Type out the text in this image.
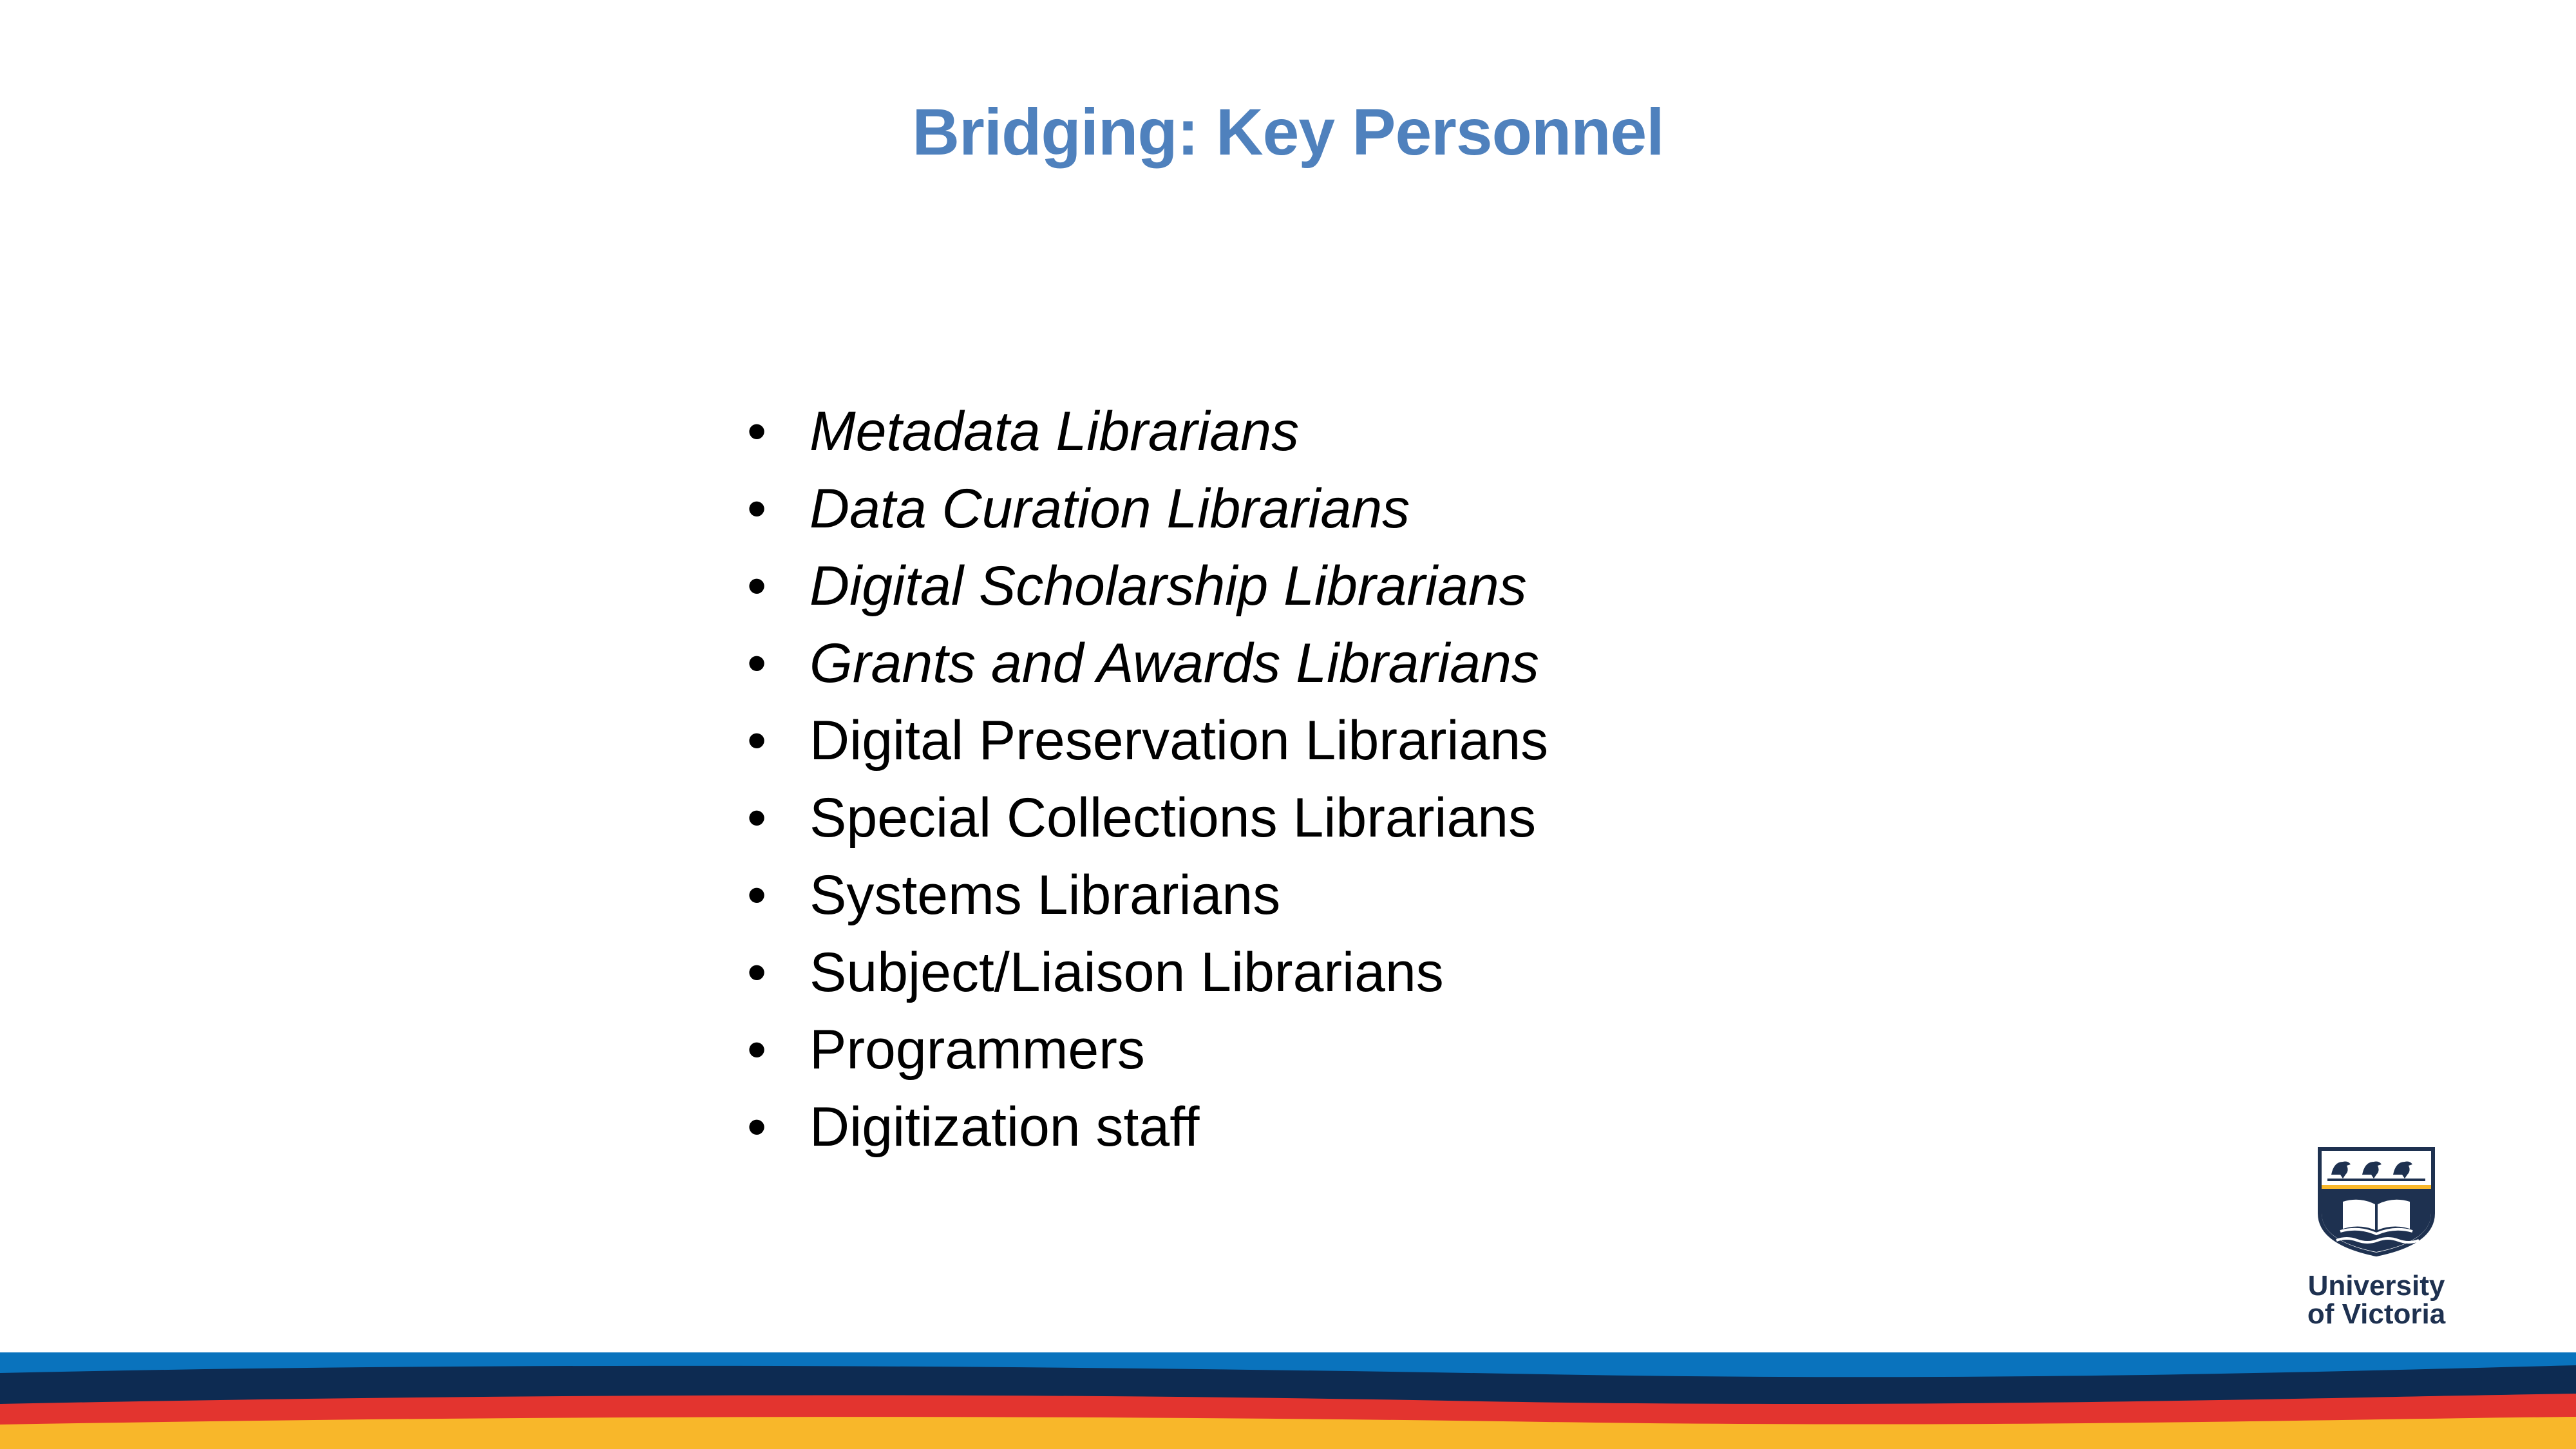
Bridging: Key Personnel
• Metadata Librarians
• Data Curation Librarians
• Digital Scholarship Librarians
• Grants and Awards Librarians
• Digital Preservation Librarians
• Special Collections Librarians
• Systems Librarians
• Subject/Liaison Librarians
• Programmers
• Digitization staff
University
of Victoria
